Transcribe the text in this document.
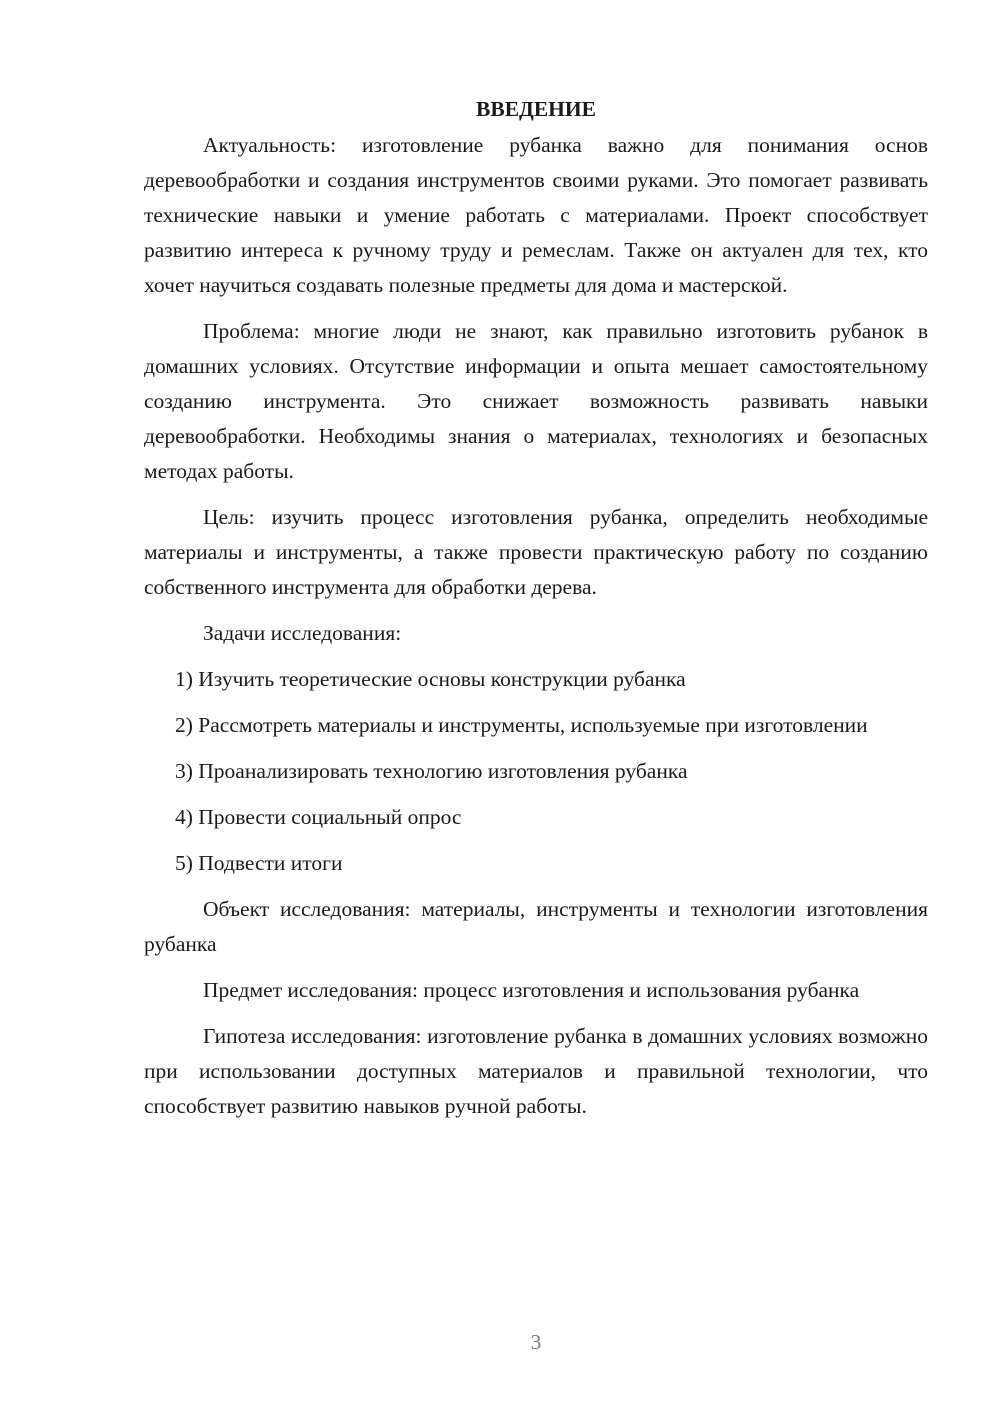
ВВЕДЕНИЕ

Актуальность: изготовление рубанка важно для понимания основ деревообработки и создания инструментов своими руками. Это помогает развивать технические навыки и умение работать с материалами. Проект способствует развитию интереса к ручному труду и ремеслам. Также он актуален для тех, кто хочет научиться создавать полезные предметы для дома и мастерской.

Проблема: многие люди не знают, как правильно изготовить рубанок в домашних условиях. Отсутствие информации и опыта мешает самостоятельному созданию инструмента. Это снижает возможность развивать навыки деревообработки. Необходимы знания о материалах, технологиях и безопасных методах работы.

Цель: изучить процесс изготовления рубанка, определить необходимые материалы и инструменты, а также провести практическую работу по созданию собственного инструмента для обработки дерева.

Задачи исследования:

1) Изучить теоретические основы конструкции рубанка

2) Рассмотреть материалы и инструменты, используемые при изготовлении

3) Проанализировать технологию изготовления рубанка

4) Провести социальный опрос

5) Подвести итоги

Объект исследования: материалы, инструменты и технологии изготовления рубанка

Предмет исследования: процесс изготовления и использования рубанка

Гипотеза исследования: изготовление рубанка в домашних условиях возможно при использовании доступных материалов и правильной технологии, что способствует развитию навыков ручной работы.

3
